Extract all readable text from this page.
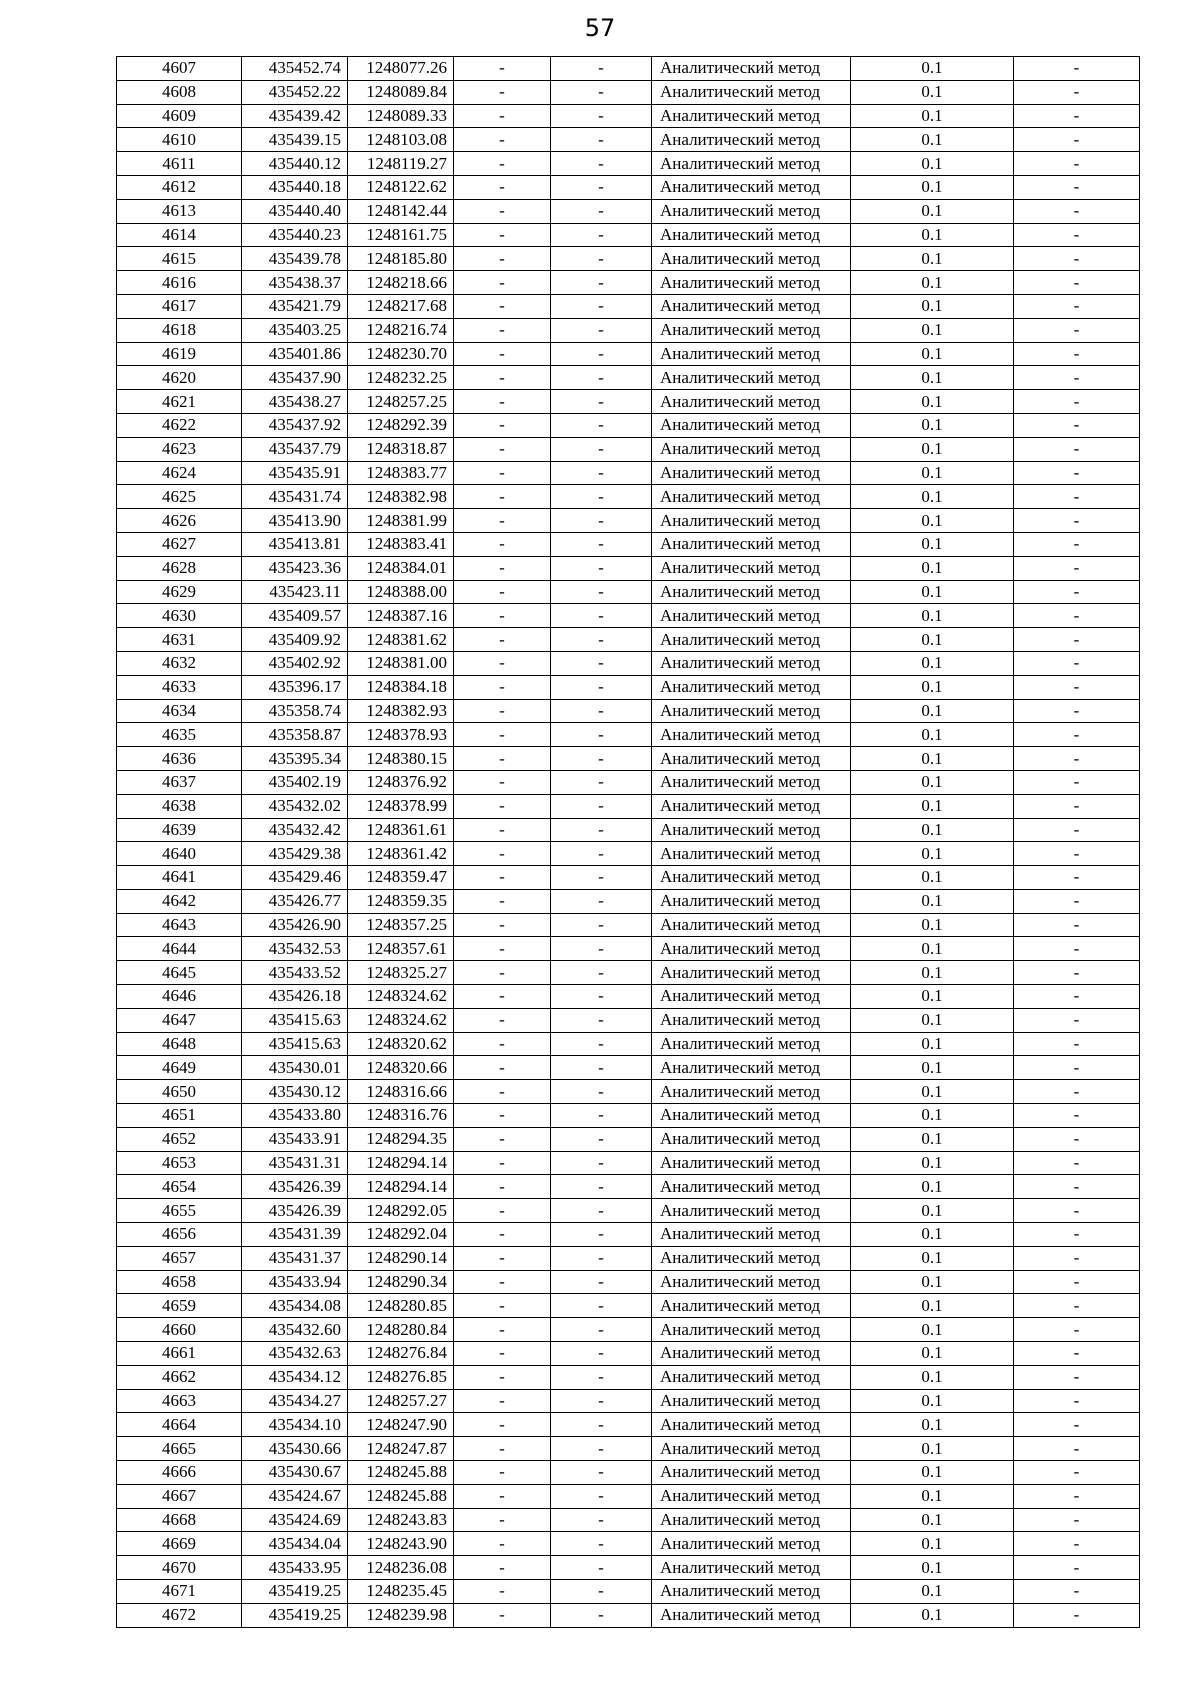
57
4607	435452.74	1248077.26	-	-	Аналитический метод	0.1	-
4608	435452.22	1248089.84	-	-	Аналитический метод	0.1	-
4609	435439.42	1248089.33	-	-	Аналитический метод	0.1	-
4610	435439.15	1248103.08	-	-	Аналитический метод	0.1	-
4611	435440.12	1248119.27	-	-	Аналитический метод	0.1	-
4612	435440.18	1248122.62	-	-	Аналитический метод	0.1	-
4613	435440.40	1248142.44	-	-	Аналитический метод	0.1	-
4614	435440.23	1248161.75	-	-	Аналитический метод	0.1	-
4615	435439.78	1248185.80	-	-	Аналитический метод	0.1	-
4616	435438.37	1248218.66	-	-	Аналитический метод	0.1	-
4617	435421.79	1248217.68	-	-	Аналитический метод	0.1	-
4618	435403.25	1248216.74	-	-	Аналитический метод	0.1	-
4619	435401.86	1248230.70	-	-	Аналитический метод	0.1	-
4620	435437.90	1248232.25	-	-	Аналитический метод	0.1	-
4621	435438.27	1248257.25	-	-	Аналитический метод	0.1	-
4622	435437.92	1248292.39	-	-	Аналитический метод	0.1	-
4623	435437.79	1248318.87	-	-	Аналитический метод	0.1	-
4624	435435.91	1248383.77	-	-	Аналитический метод	0.1	-
4625	435431.74	1248382.98	-	-	Аналитический метод	0.1	-
4626	435413.90	1248381.99	-	-	Аналитический метод	0.1	-
4627	435413.81	1248383.41	-	-	Аналитический метод	0.1	-
4628	435423.36	1248384.01	-	-	Аналитический метод	0.1	-
4629	435423.11	1248388.00	-	-	Аналитический метод	0.1	-
4630	435409.57	1248387.16	-	-	Аналитический метод	0.1	-
4631	435409.92	1248381.62	-	-	Аналитический метод	0.1	-
4632	435402.92	1248381.00	-	-	Аналитический метод	0.1	-
4633	435396.17	1248384.18	-	-	Аналитический метод	0.1	-
4634	435358.74	1248382.93	-	-	Аналитический метод	0.1	-
4635	435358.87	1248378.93	-	-	Аналитический метод	0.1	-
4636	435395.34	1248380.15	-	-	Аналитический метод	0.1	-
4637	435402.19	1248376.92	-	-	Аналитический метод	0.1	-
4638	435432.02	1248378.99	-	-	Аналитический метод	0.1	-
4639	435432.42	1248361.61	-	-	Аналитический метод	0.1	-
4640	435429.38	1248361.42	-	-	Аналитический метод	0.1	-
4641	435429.46	1248359.47	-	-	Аналитический метод	0.1	-
4642	435426.77	1248359.35	-	-	Аналитический метод	0.1	-
4643	435426.90	1248357.25	-	-	Аналитический метод	0.1	-
4644	435432.53	1248357.61	-	-	Аналитический метод	0.1	-
4645	435433.52	1248325.27	-	-	Аналитический метод	0.1	-
4646	435426.18	1248324.62	-	-	Аналитический метод	0.1	-
4647	435415.63	1248324.62	-	-	Аналитический метод	0.1	-
4648	435415.63	1248320.62	-	-	Аналитический метод	0.1	-
4649	435430.01	1248320.66	-	-	Аналитический метод	0.1	-
4650	435430.12	1248316.66	-	-	Аналитический метод	0.1	-
4651	435433.80	1248316.76	-	-	Аналитический метод	0.1	-
4652	435433.91	1248294.35	-	-	Аналитический метод	0.1	-
4653	435431.31	1248294.14	-	-	Аналитический метод	0.1	-
4654	435426.39	1248294.14	-	-	Аналитический метод	0.1	-
4655	435426.39	1248292.05	-	-	Аналитический метод	0.1	-
4656	435431.39	1248292.04	-	-	Аналитический метод	0.1	-
4657	435431.37	1248290.14	-	-	Аналитический метод	0.1	-
4658	435433.94	1248290.34	-	-	Аналитический метод	0.1	-
4659	435434.08	1248280.85	-	-	Аналитический метод	0.1	-
4660	435432.60	1248280.84	-	-	Аналитический метод	0.1	-
4661	435432.63	1248276.84	-	-	Аналитический метод	0.1	-
4662	435434.12	1248276.85	-	-	Аналитический метод	0.1	-
4663	435434.27	1248257.27	-	-	Аналитический метод	0.1	-
4664	435434.10	1248247.90	-	-	Аналитический метод	0.1	-
4665	435430.66	1248247.87	-	-	Аналитический метод	0.1	-
4666	435430.67	1248245.88	-	-	Аналитический метод	0.1	-
4667	435424.67	1248245.88	-	-	Аналитический метод	0.1	-
4668	435424.69	1248243.83	-	-	Аналитический метод	0.1	-
4669	435434.04	1248243.90	-	-	Аналитический метод	0.1	-
4670	435433.95	1248236.08	-	-	Аналитический метод	0.1	-
4671	435419.25	1248235.45	-	-	Аналитический метод	0.1	-
4672	435419.25	1248239.98	-	-	Аналитический метод	0.1	-
